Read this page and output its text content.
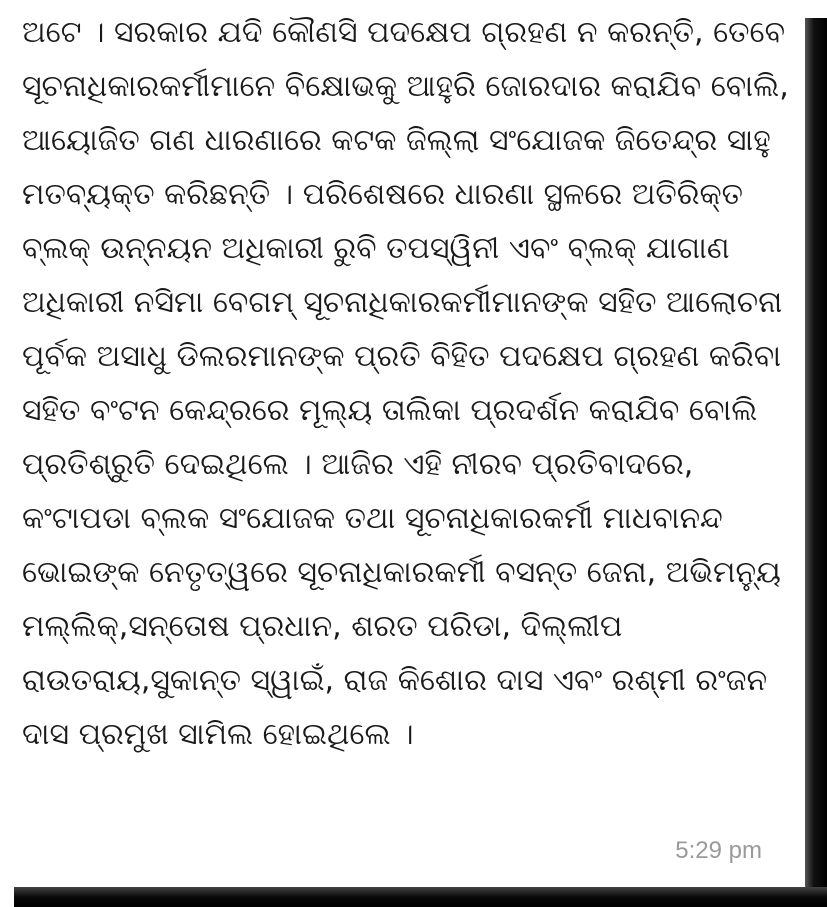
ଅଟେ । ସରକାର ଯଦି କୌଣସି ପଦକ୍ଷେପ ଗ୍ରହଣ ନ କରନ୍ତି, ତେବେ ସୂଚନାଧିକାରକର୍ମୀମାନେ ବିକ୍ଷୋଭକୁ ଆହୁରି ଜୋରଦାର କରାଯିବ ବୋଲି, ଆୟୋଜିତ ଗଣ ଧାରଣାରେ କଟକ ଜିଲ୍ଲା ସଂଯୋଜକ ଜିତେନ୍ଦ୍ର ସାହୁ ମତବ୍ୟକ୍ତ କରିଛନ୍ତି । ପରିଶେଷରେ ଧାରଣା ସ୍ଥଳରେ ଅତିରିକ୍ତ ବ୍ଲକ୍ ଉନ୍ନୟନ ଅଧିକାରୀ ରୁବି ତପସ୍ୱିନୀ ଏବଂ ବ୍ଲକ୍ ଯାଗାଣ ଅଧିକାରୀ ନସିମା ବେଗମ୍ ସୂଚନାଧିକାରକର୍ମୀମାନଙ୍କ ସହିତ ଆଲୋଚନା ପୂର୍ବକ ଅସାଧୁ ଡିଲରମାନଙ୍କ ପ୍ରତି ବିହିତ ପଦକ୍ଷେପ ଗ୍ରହଣ କରିବା ସହିତ ବଂଟନ କେନ୍ଦ୍ରରେ ମୂଲ୍ୟ ତାଲିକା ପ୍ରଦର୍ଶନ କରାଯିବ ବୋଲି ପ୍ରତିଶ୍ରୁତି ଦେଇଥିଲେ । ଆଜିର ଏହି ନୀରବ ପ୍ରତିବାଦରେ, କଂଟାପଡା ବ୍ଲକ ସଂଯୋଜକ ତଥା ସୂଚନାଧିକାରକର୍ମୀ ମାଧବାନନ୍ଦ ଭୋଇଙ୍କ ନେତୃତ୍ୱରେ ସୂଚନାଧିକାରକର୍ମୀ ବସନ୍ତ ଜେନା, ଅଭିମନ୍ୟୁ ମଲ୍ଲିକ୍,ସନ୍ତୋଷ ପ୍ରଧାନ, ଶରତ ପରିଡା, ଦିଲ୍ଲୀପ ରାଉତରାୟ,ସୁକାନ୍ତ ସ୍ୱାଇଁ, ରାଜ କିଶୋର ଦାସ ଏବଂ ରଶ୍ମୀ ରଂଜନ ଦାସ ପ୍ରମୁଖ ସାମିଲ ହୋଇଥିଲେ ।

5:29 pm
